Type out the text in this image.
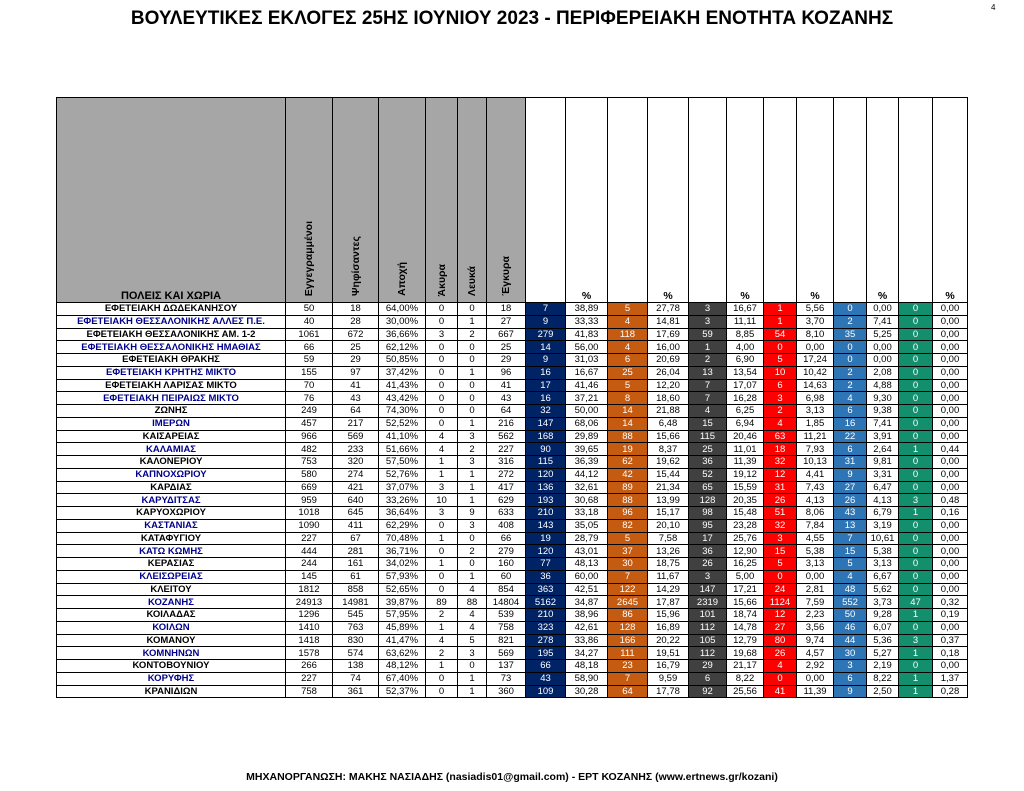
ΒΟΥΛΕΥΤΙΚΕΣ ΕΚΛΟΓΕΣ 25ΗΣ ΙΟΥΝΙΟΥ 2023 - ΠΕΡΙΦΕΡΕΙΑΚΗ ΕΝΟΤΗΤΑ ΚΟΖΑΝΗΣ
4
ΠΟΛΕΙΣ ΚΑΙ ΧΩΡΙΑ	Εγγεγραμμένοι	Ψηφίσαντες	Αποχή	Άκυρα	Λευκά	Έγκυρα	Ν.Δ.	%	ΣΥΡΙΖΑ-ΠΡΟΟΔΕΥΤΙΚΗ ΣΥΜΜΑΧΙΑ	%	ΠΑΣΟΚ-ΚΙΝΑΛ	%	ΚΚΕ	%	ΕΛΛΗΝΙΚΗ ΛΥΣΗ	%	ΑΝΤ.ΑΡ.ΣΥ.Α.-ΣΥΝΕΡΓΑΣΙΕΣ	%
ΕΦΕΤΕΙΑΚΗ ΔΩΔΕΚΑΝΗΣΟΥ	50	18	64,00%	0	0	18	7	38,89	5	27,78	3	16,67	1	5,56	0	0,00	0	0,00
ΕΦΕΤΕΙΑΚΗ ΘΕΣΣΑΛΟΝΙΚΗΣ ΑΛΛΕΣ Π.Ε.	40	28	30,00%	0	1	27	9	33,33	4	14,81	3	11,11	1	3,70	2	7,41	0	0,00
ΕΦΕΤΕΙΑΚΗ ΘΕΣΣΑΛΟΝΙΚΗΣ ΑΜ. 1-2	1061	672	36,66%	3	2	667	279	41,83	118	17,69	59	8,85	54	8,10	35	5,25	0	0,00
ΕΦΕΤΕΙΑΚΗ ΘΕΣΣΑΛΟΝΙΚΗΣ ΗΜΑΘΙΑΣ	66	25	62,12%	0	0	25	14	56,00	4	16,00	1	4,00	0	0,00	0	0,00	0	0,00
ΕΦΕΤΕΙΑΚΗ ΘΡΑΚΗΣ	59	29	50,85%	0	0	29	9	31,03	6	20,69	2	6,90	5	17,24	0	0,00	0	0,00
ΕΦΕΤΕΙΑΚΗ ΚΡΗΤΗΣ ΜΙΚΤΟ	155	97	37,42%	0	1	96	16	16,67	25	26,04	13	13,54	10	10,42	2	2,08	0	0,00
ΕΦΕΤΕΙΑΚΗ ΛΑΡΙΣΑΣ ΜΙΚΤΟ	70	41	41,43%	0	0	41	17	41,46	5	12,20	7	17,07	6	14,63	2	4,88	0	0,00
ΕΦΕΤΕΙΑΚΗ ΠΕΙΡΑΙΩΣ ΜΙΚΤΟ	76	43	43,42%	0	0	43	16	37,21	8	18,60	7	16,28	3	6,98	4	9,30	0	0,00
ΖΩΝΗΣ	249	64	74,30%	0	0	64	32	50,00	14	21,88	4	6,25	2	3,13	6	9,38	0	0,00
ΙΜΕΡΩΝ	457	217	52,52%	0	1	216	147	68,06	14	6,48	15	6,94	4	1,85	16	7,41	0	0,00
ΚΑΙΣΑΡΕΙΑΣ	966	569	41,10%	4	3	562	168	29,89	88	15,66	115	20,46	63	11,21	22	3,91	0	0,00
ΚΑΛΑΜΙΑΣ	482	233	51,66%	4	2	227	90	39,65	19	8,37	25	11,01	18	7,93	6	2,64	1	0,44
ΚΑΛΟΝΕΡΙΟΥ	753	320	57,50%	1	3	316	115	36,39	62	19,62	36	11,39	32	10,13	31	9,81	0	0,00
ΚΑΠΝΟΧΩΡΙΟΥ	580	274	52,76%	1	1	272	120	44,12	42	15,44	52	19,12	12	4,41	9	3,31	0	0,00
ΚΑΡΔΙΑΣ	669	421	37,07%	3	1	417	136	32,61	89	21,34	65	15,59	31	7,43	27	6,47	0	0,00
ΚΑΡΥΔΙΤΣΑΣ	959	640	33,26%	10	1	629	193	30,68	88	13,99	128	20,35	26	4,13	26	4,13	3	0,48
ΚΑΡΥΟΧΩΡΙΟΥ	1018	645	36,64%	3	9	633	210	33,18	96	15,17	98	15,48	51	8,06	43	6,79	1	0,16
ΚΑΣΤΑΝΙΑΣ	1090	411	62,29%	0	3	408	143	35,05	82	20,10	95	23,28	32	7,84	13	3,19	0	0,00
ΚΑΤΑΦΥΓΙΟΥ	227	67	70,48%	1	0	66	19	28,79	5	7,58	17	25,76	3	4,55	7	10,61	0	0,00
ΚΑΤΩ ΚΩΜΗΣ	444	281	36,71%	0	2	279	120	43,01	37	13,26	36	12,90	15	5,38	15	5,38	0	0,00
ΚΕΡΑΣΙΑΣ	244	161	34,02%	1	0	160	77	48,13	30	18,75	26	16,25	5	3,13	5	3,13	0	0,00
ΚΛΕΙΣΩΡΕΙΑΣ	145	61	57,93%	0	1	60	36	60,00	7	11,67	3	5,00	0	0,00	4	6,67	0	0,00
ΚΛΕΙΤΟΥ	1812	858	52,65%	0	4	854	363	42,51	122	14,29	147	17,21	24	2,81	48	5,62	0	0,00
ΚΟΖΑΝΗΣ	24913	14981	39,87%	89	88	14804	5162	34,87	2645	17,87	2319	15,66	1124	7,59	552	3,73	47	0,32
ΚΟΙΛΑΔΑΣ	1296	545	57,95%	2	4	539	210	38,96	86	15,96	101	18,74	12	2,23	50	9,28	1	0,19
ΚΟΙΛΩΝ	1410	763	45,89%	1	4	758	323	42,61	128	16,89	112	14,78	27	3,56	46	6,07	0	0,00
ΚΟΜΑΝΟΥ	1418	830	41,47%	4	5	821	278	33,86	166	20,22	105	12,79	80	9,74	44	5,36	3	0,37
ΚΟΜΝΗΝΩΝ	1578	574	63,62%	2	3	569	195	34,27	111	19,51	112	19,68	26	4,57	30	5,27	1	0,18
ΚΟΝΤΟΒΟΥΝΙΟΥ	266	138	48,12%	1	0	137	66	48,18	23	16,79	29	21,17	4	2,92	3	2,19	0	0,00
ΚΟΡΥΦΗΣ	227	74	67,40%	0	1	73	43	58,90	7	9,59	6	8,22	0	0,00	6	8,22	1	1,37
ΚΡΑΝΙΔΙΩΝ	758	361	52,37%	0	1	360	109	30,28	64	17,78	92	25,56	41	11,39	9	2,50	1	0,28
ΜΗΧΑΝΟΡΓΑΝΩΣΗ: ΜΑΚΗΣ ΝΑΣΙΑΔΗΣ (nasiadis01@gmail.com) - ΕΡΤ ΚΟΖΑΝΗΣ (www.ertnews.gr/kozani)
